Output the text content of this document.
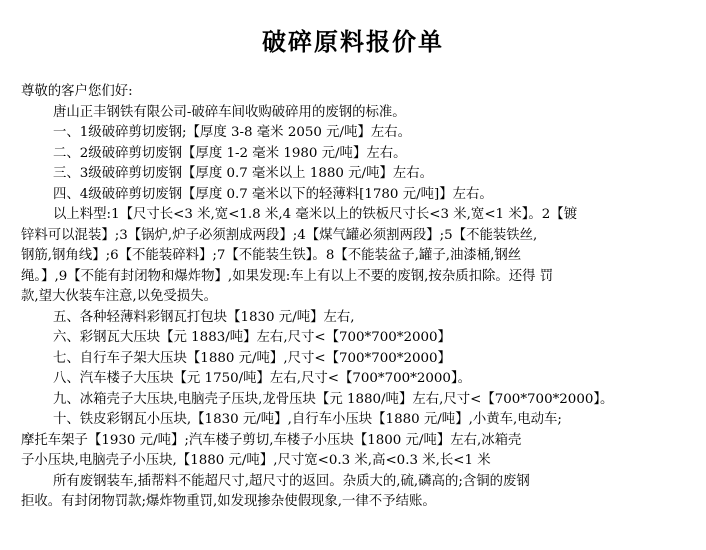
破碎原料报价单
尊敬的客户您们好:
唐山正丰钢铁有限公司-破碎车间收购破碎用的废钢的标准。
一、1级破碎剪切废钢;【厚度 3-8 毫米 2050 元/吨】左右。
二、2级破碎剪切废钢【厚度 1-2 毫米 1980 元/吨】左右。
三、3级破碎剪切废钢【厚度 0.7 毫米以上 1880 元/吨】左右。
四、4级破碎剪切废钢【厚度 0.7 毫米以下的轻薄料[1780 元/吨]】左右。
以上料型:1【尺寸长<3 米,宽<1.8 米,4 毫米以上的铁板尺寸长<3 米,宽<1 米】。2【镀
锌料可以混装】;3【锅炉,炉子必须割成两段】;4【煤气罐必须割两段】;5【不能装铁丝,
钢筋,钢角线】;6【不能装碎料】;7【不能装生铁】。8【不能装盆子,罐子,油漆桶,钢丝
绳。】,9【不能有封闭物和爆炸物】,如果发现:车上有以上不要的废钢,按杂质扣除。还得 罚
款,望大伙装车注意,以免受损失。
五、各种轻薄料彩钢瓦打包块【1830 元/吨】左右,
六、彩钢瓦大压块【元 1883/吨】左右,尺寸<【700*700*2000】
七、自行车子架大压块【1880 元/吨】,尺寸<【700*700*2000】
八、汽车楼子大压块【元 1750/吨】左右,尺寸<【700*700*2000】。
九、冰箱壳子大压块,电脑壳子压块,龙骨压块【元 1880/吨】左右,尺寸<【700*700*2000】。
十、铁皮彩钢瓦小压块,【1830 元/吨】,自行车小压块【1880 元/吨】,小黄车,电动车;
摩托车架子【1930 元/吨】;汽车楼子剪切,车楼子小压块【1800 元/吨】左右,冰箱壳
子小压块,电脑壳子小压块,【1880 元/吨】,尺寸宽<0.3 米,高<0.3 米,长<1 米
所有废钢装车,插帮料不能超尺寸,超尺寸的返回。杂质大的,硫,磷高的;含铜的废钢
拒收。有封闭物罚款;爆炸物重罚,如发现掺杂使假现象,一律不予结账。
